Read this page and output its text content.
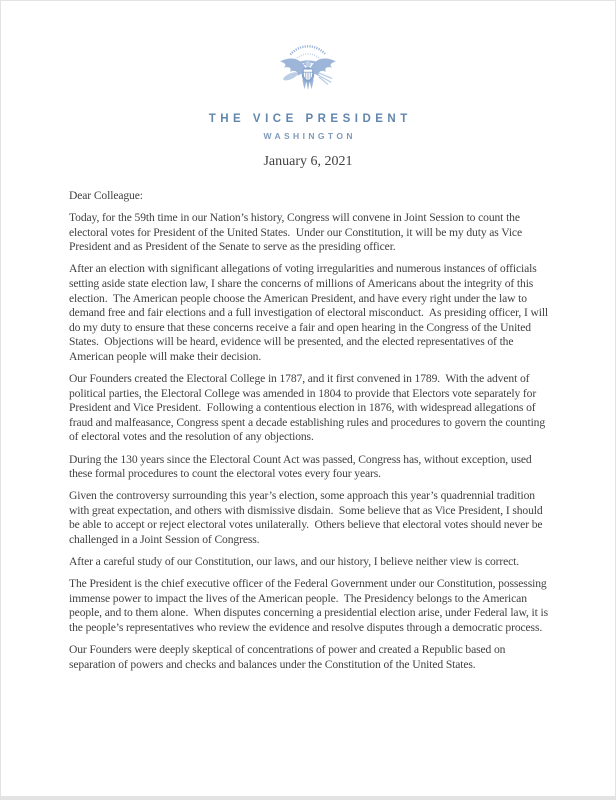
THE VICE PRESIDENT
WASHINGTON
January 6, 2021

Dear Colleague:

Today, for the 59th time in our Nation’s history, Congress will convene in Joint Session to count the electoral votes for President of the United States.  Under our Constitution, it will be my duty as Vice President and as President of the Senate to serve as the presiding officer.

After an election with significant allegations of voting irregularities and numerous instances of officials setting aside state election law, I share the concerns of millions of Americans about the integrity of this election.  The American people choose the American President, and have every right under the law to demand free and fair elections and a full investigation of electoral misconduct.  As presiding officer, I will do my duty to ensure that these concerns receive a fair and open hearing in the Congress of the United States.  Objections will be heard, evidence will be presented, and the elected representatives of the American people will make their decision.

Our Founders created the Electoral College in 1787, and it first convened in 1789.  With the advent of political parties, the Electoral College was amended in 1804 to provide that Electors vote separately for President and Vice President.  Following a contentious election in 1876, with widespread allegations of fraud and malfeasance, Congress spent a decade establishing rules and procedures to govern the counting of electoral votes and the resolution of any objections.

During the 130 years since the Electoral Count Act was passed, Congress has, without exception, used these formal procedures to count the electoral votes every four years.

Given the controversy surrounding this year’s election, some approach this year’s quadrennial tradition with great expectation, and others with dismissive disdain.  Some believe that as Vice President, I should be able to accept or reject electoral votes unilaterally.  Others believe that electoral votes should never be challenged in a Joint Session of Congress.

After a careful study of our Constitution, our laws, and our history, I believe neither view is correct.

The President is the chief executive officer of the Federal Government under our Constitution, possessing immense power to impact the lives of the American people.  The Presidency belongs to the American people, and to them alone.  When disputes concerning a presidential election arise, under Federal law, it is the people’s representatives who review the evidence and resolve disputes through a democratic process.

Our Founders were deeply skeptical of concentrations of power and created a Republic based on separation of powers and checks and balances under the Constitution of the United States.
